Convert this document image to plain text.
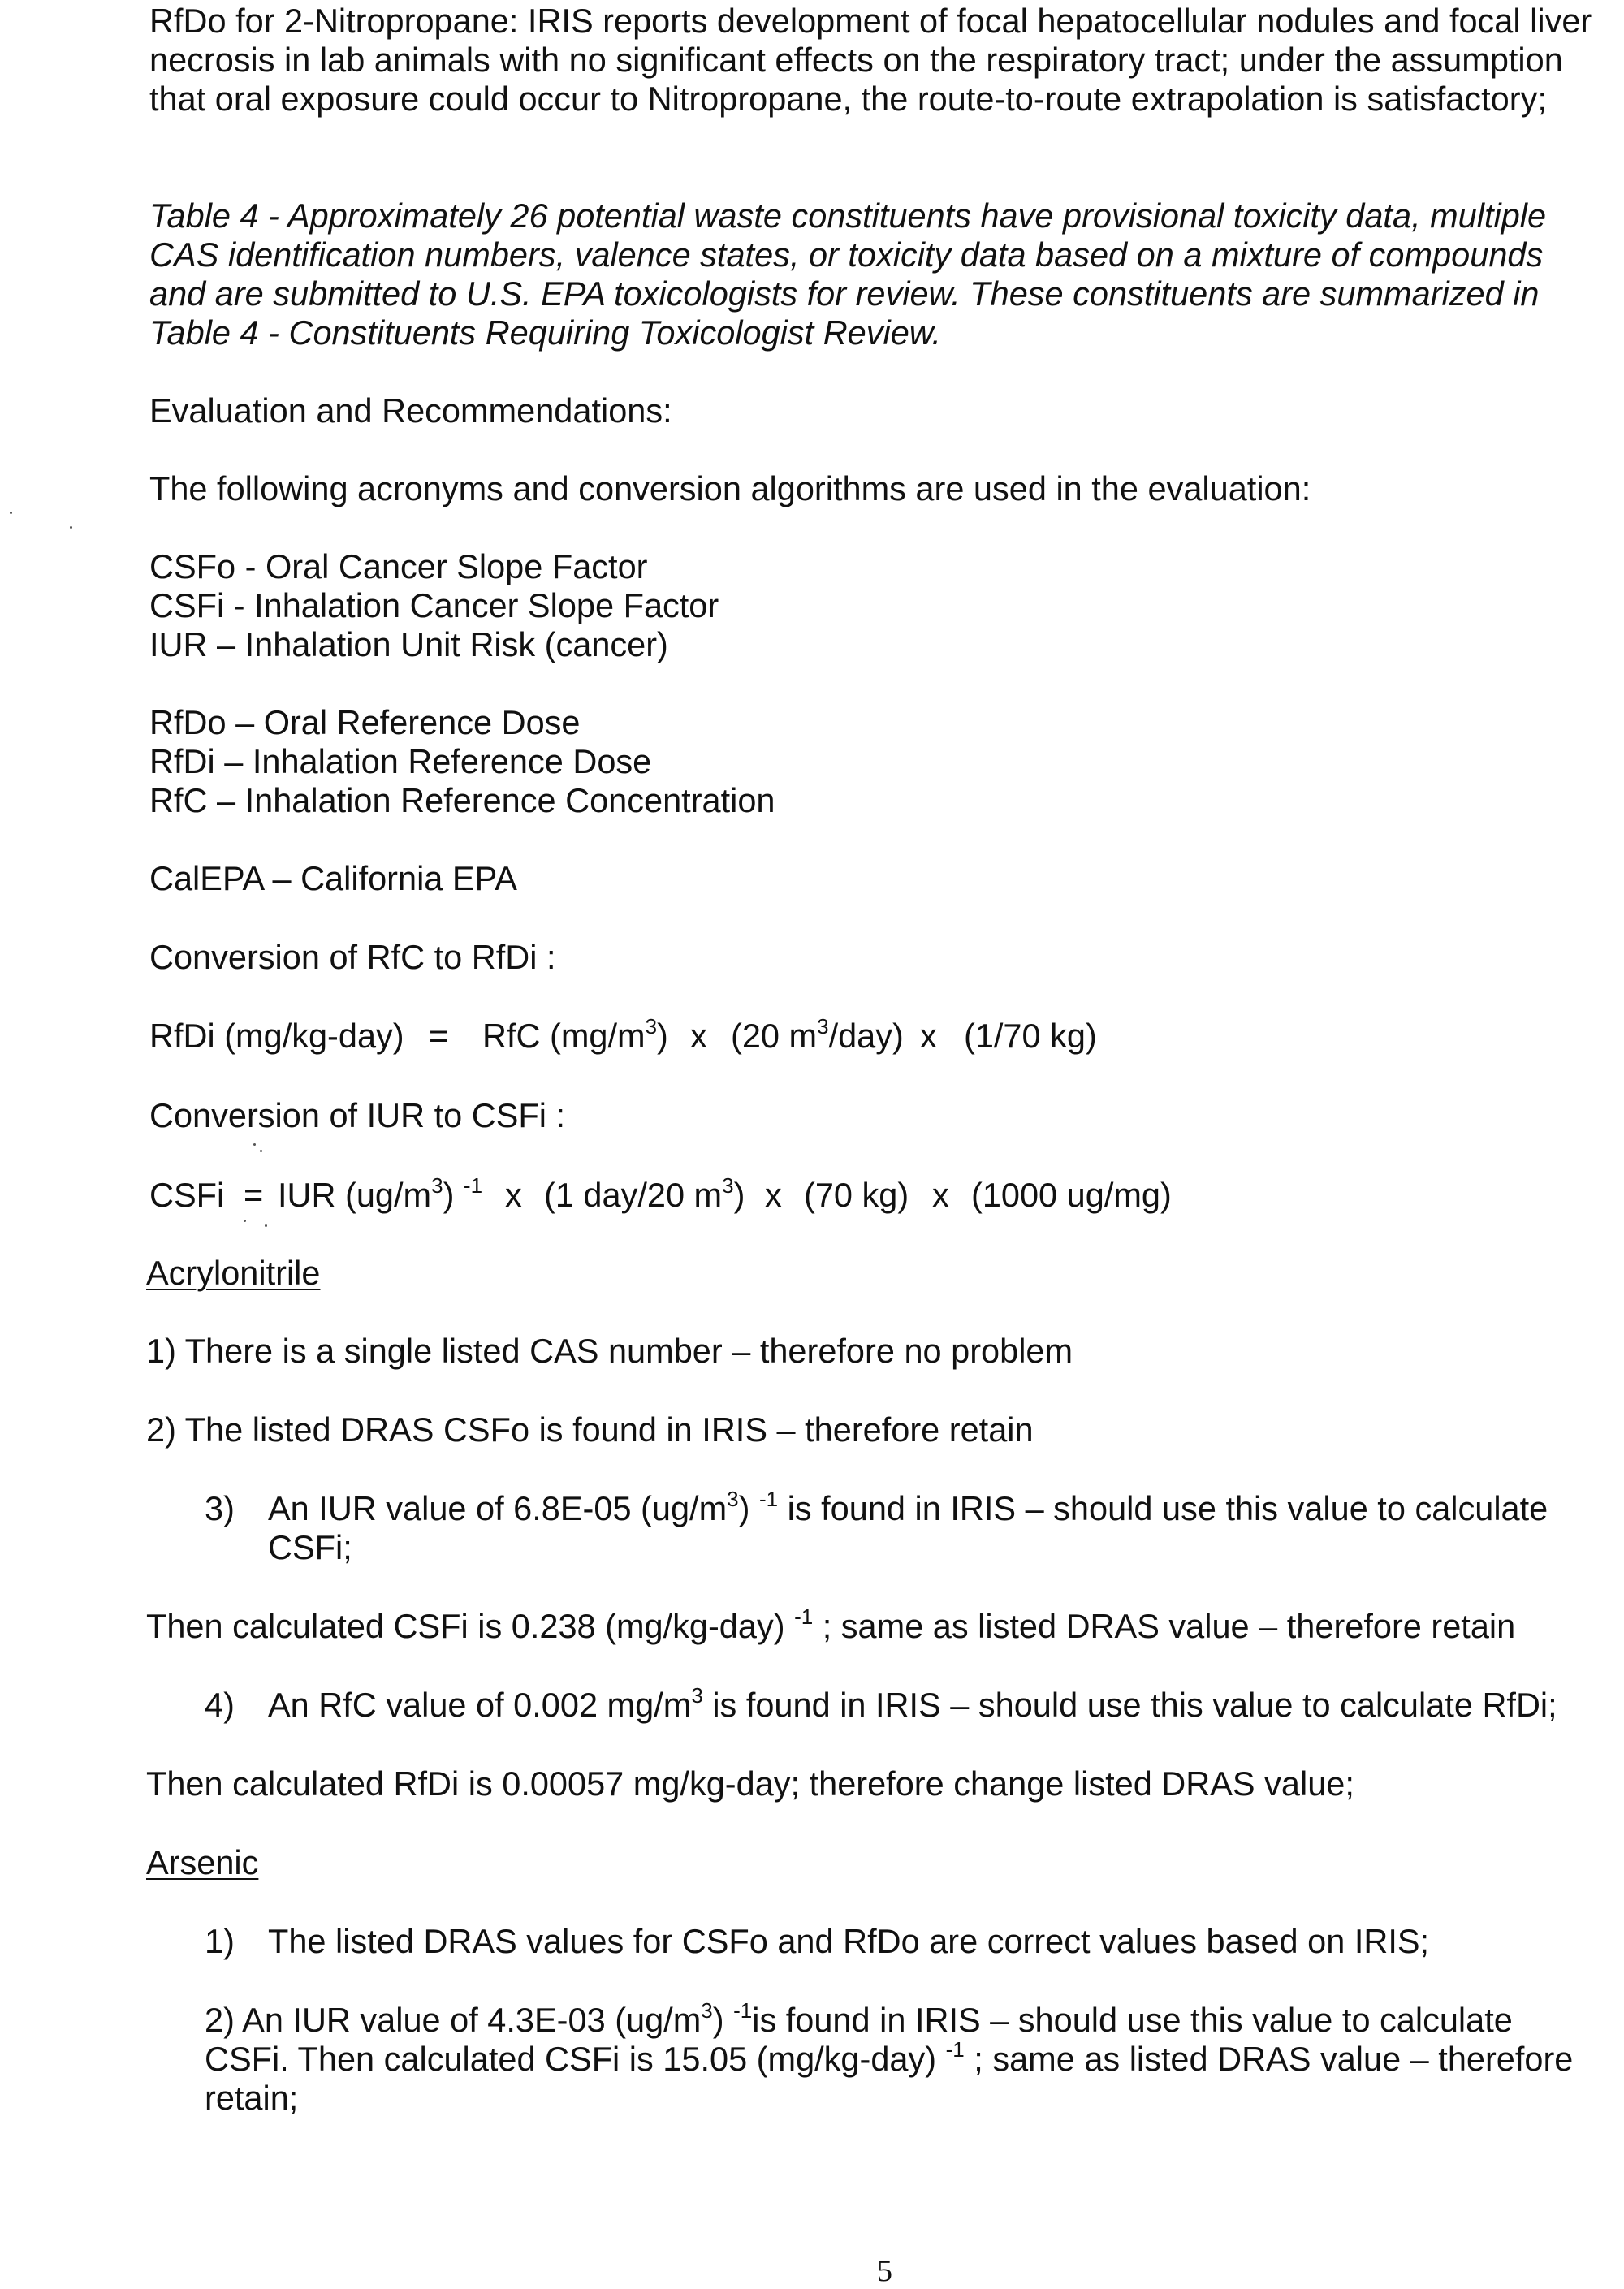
RfDo for 2-Nitropropane: IRIS reports development of focal hepatocellular nodules and focal liver
necrosis in lab animals with no significant effects on the respiratory tract; under the assumption
that oral exposure could occur to Nitropropane, the route-to-route extrapolation is satisfactory;
Table 4 - Approximately 26 potential waste constituents have provisional toxicity data, multiple
CAS identification numbers, valence states, or toxicity data based on a mixture of compounds
and are submitted to U.S. EPA toxicologists for review. These constituents are summarized in
Table 4 - Constituents Requiring Toxicologist Review.
Evaluation and Recommendations:
The following acronyms and conversion algorithms are used in the evaluation:
CSFo - Oral Cancer Slope Factor
CSFi - Inhalation Cancer Slope Factor
IUR – Inhalation Unit Risk (cancer)
RfDo – Oral Reference Dose
RfDi – Inhalation Reference Dose
RfC – Inhalation Reference Concentration
CalEPA – California EPA
Conversion of RfC to RfDi :
RfDi (mg/kg-day) = RfC $(mg/m^3)$ x (20 $m^3/day$) x (1/70 kg)
Conversion of IUR to CSFi :
CSFi = IUR $(ug/m^3)$ $^{-1}$ x (1 day/20 $m^3$) x (70 kg) x (1000 ug/mg)
Acrylonitrile
1) There is a single listed CAS number – therefore no problem
2) The listed DRAS CSFo is found in IRIS – therefore retain
3) An IUR value of 6.8E-05 $(ug/m^3)$ $^{-1}$ is found in IRIS – should use this value to calculate
CSFi;
Then calculated CSFi is 0.238 (mg/kg-day) $^{-1}$ ; same as listed DRAS value – therefore retain
4) An RfC value of 0.002 $mg/m^3$ is found in IRIS – should use this value to calculate RfDi;
Then calculated RfDi is 0.00057 mg/kg-day; therefore change listed DRAS value;
Arsenic
1) The listed DRAS values for CSFo and RfDo are correct values based on IRIS;
2) An IUR value of 4.3E-03 $(ug/m^3)$ $^{-1}$is found in IRIS – should use this value to calculate
CSFi. Then calculated CSFi is 15.05 (mg/kg-day) $^{-1}$ ; same as listed DRAS value – therefore
retain;
5
